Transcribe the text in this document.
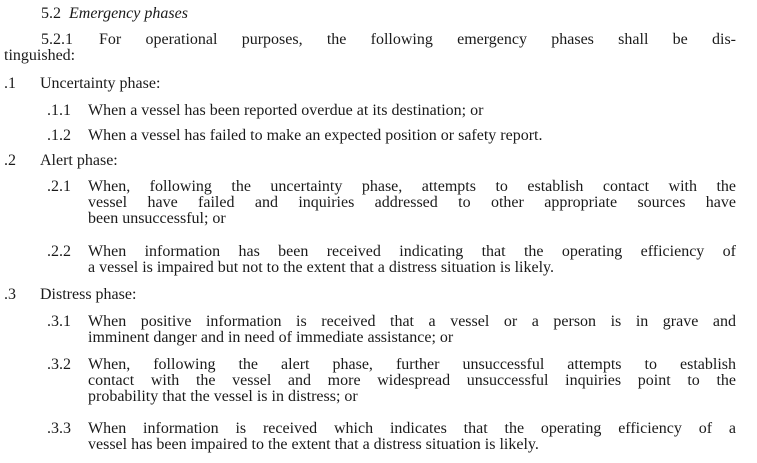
5.2 Emergency phases
5.2.1 For operational purposes, the following emergency phases shall be dis-
tinguished:
.1 Uncertainty phase:
.1.1 When a vessel has been reported overdue at its destination; or
.1.2 When a vessel has failed to make an expected position or safety report.
.2 Alert phase:
.2.1 When, following the uncertainty phase, attempts to establish contact with the
vessel have failed and inquiries addressed to other appropriate sources have
been unsuccessful; or
.2.2 When information has been received indicating that the operating efficiency of
a vessel is impaired but not to the extent that a distress situation is likely.
.3 Distress phase:
.3.1 When positive information is received that a vessel or a person is in grave and
imminent danger and in need of immediate assistance; or
.3.2 When, following the alert phase, further unsuccessful attempts to establish
contact with the vessel and more widespread unsuccessful inquiries point to the
probability that the vessel is in distress; or
.3.3 When information is received which indicates that the operating efficiency of a
vessel has been impaired to the extent that a distress situation is likely.
